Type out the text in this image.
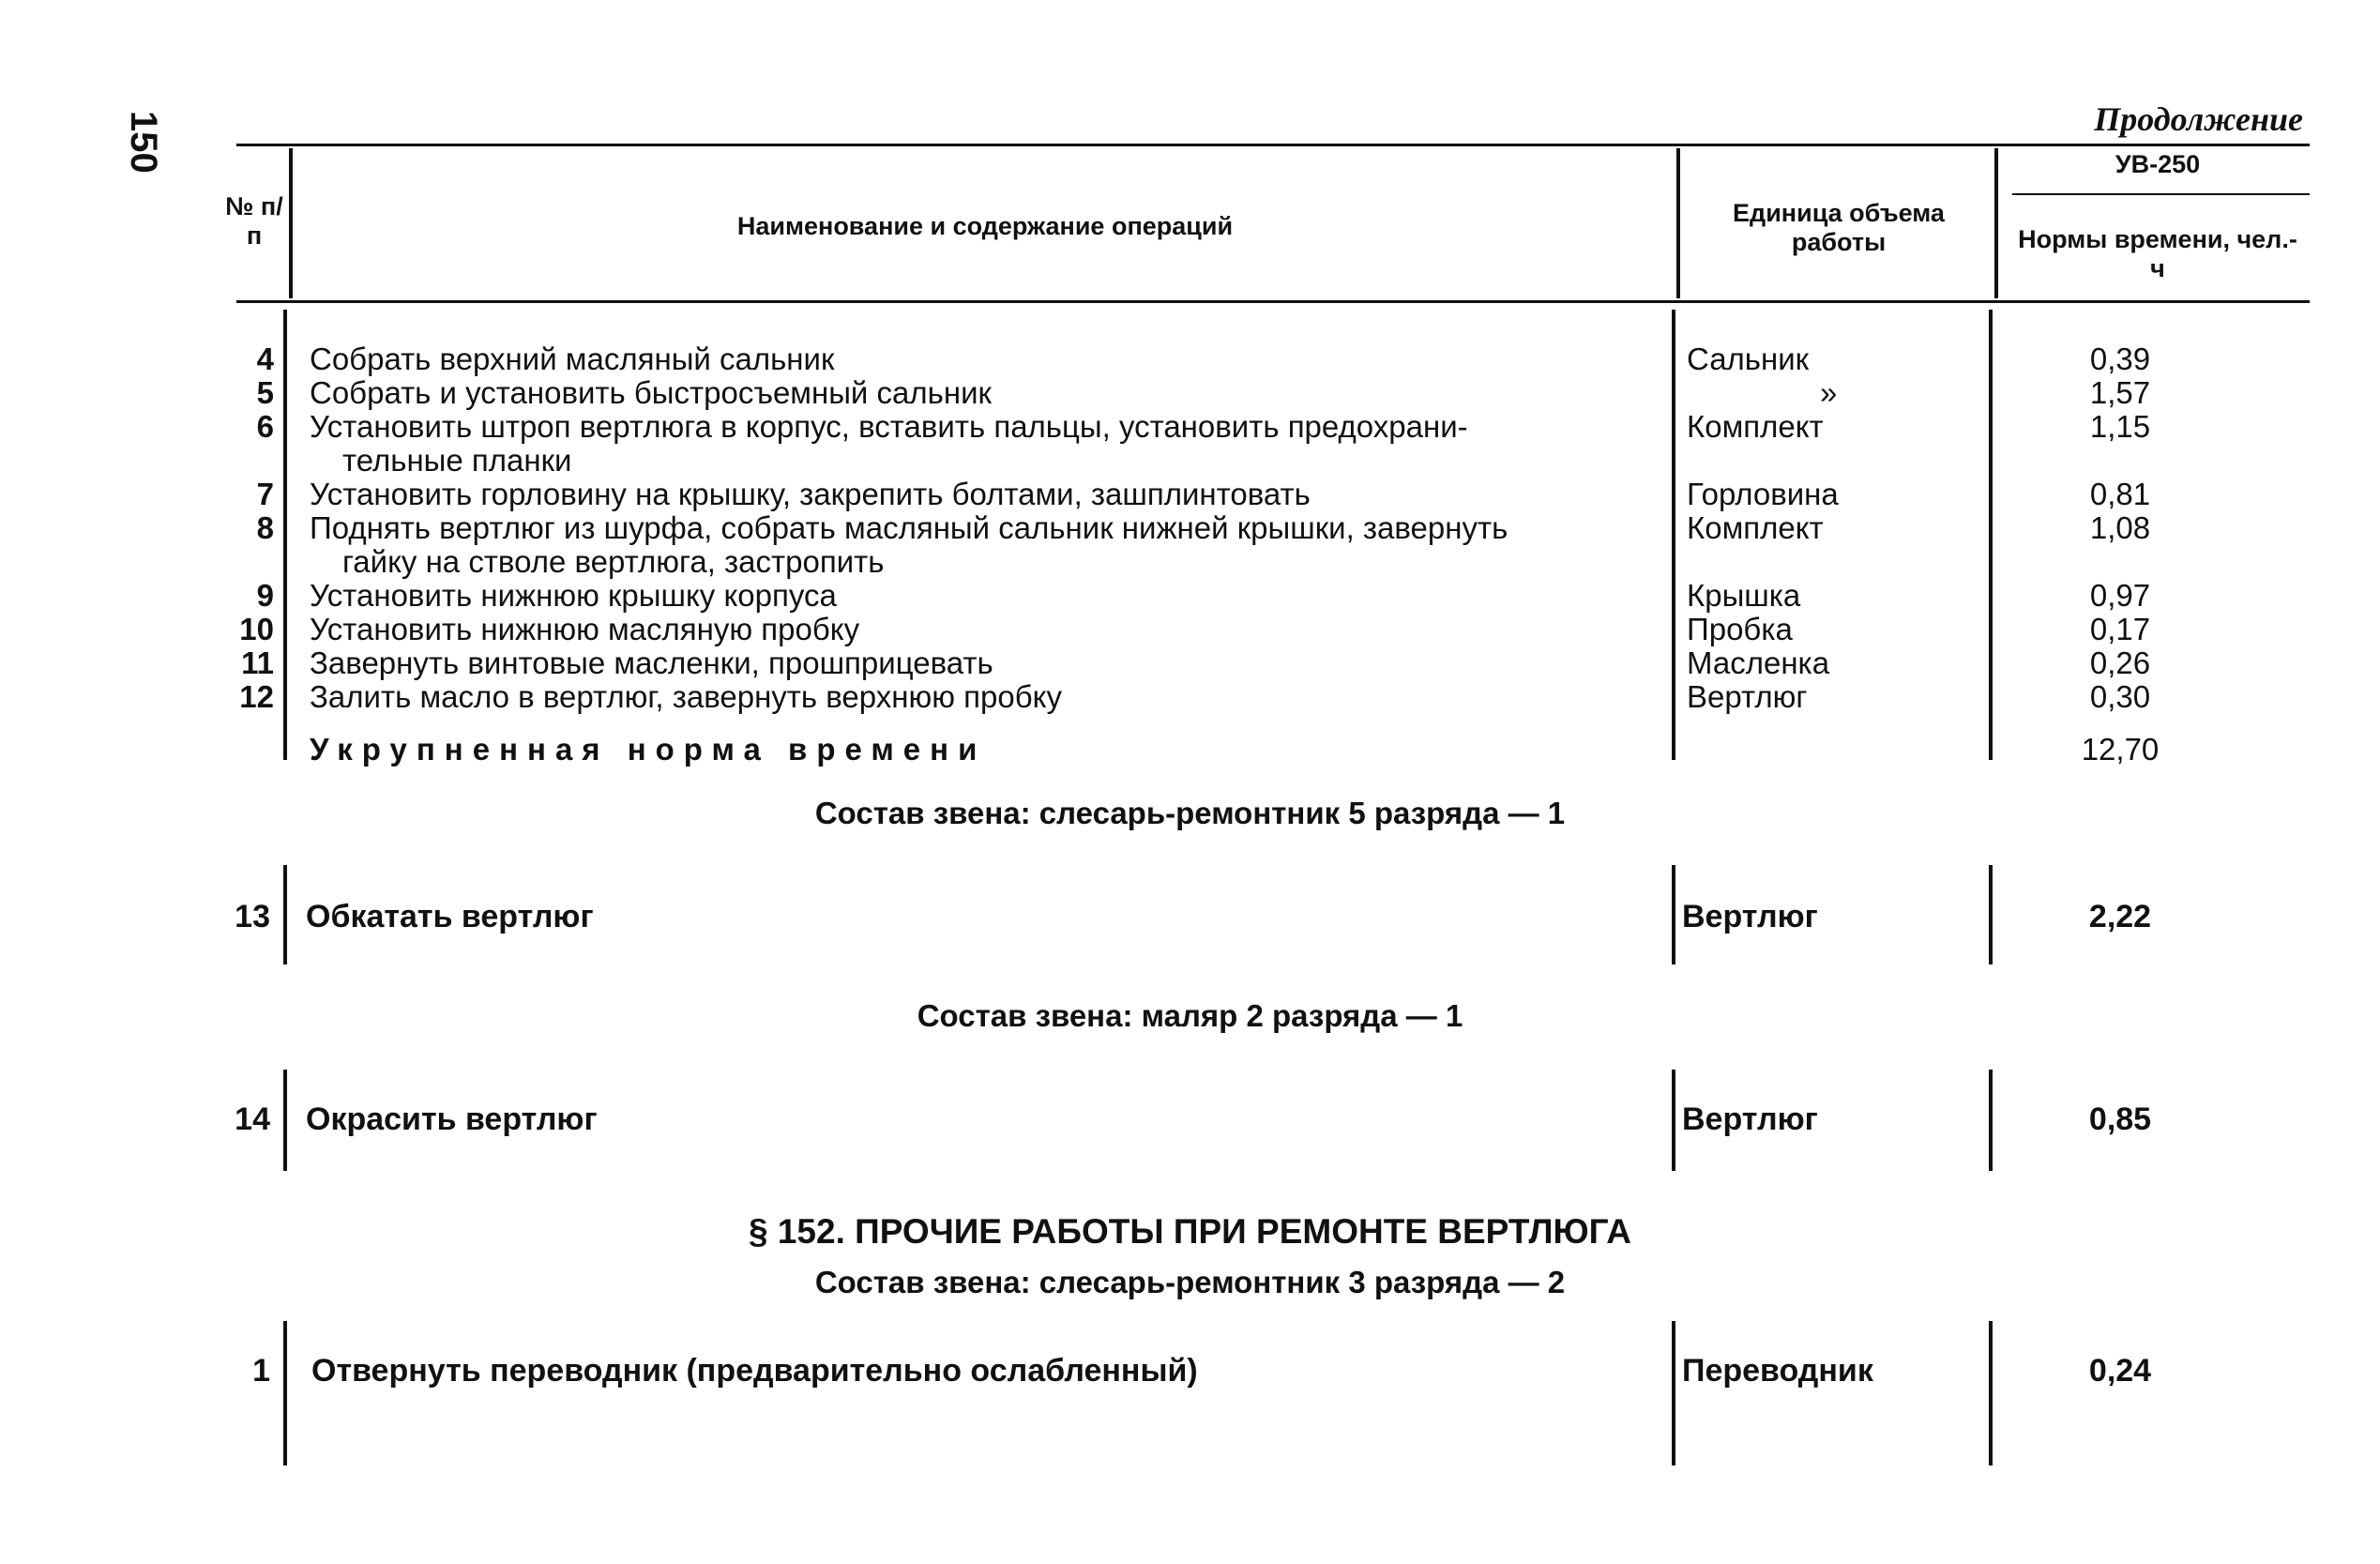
150	Продолжение
№ п/п	Наименование и содержание операций	Единица объема работы
УВ-250
Нормы времени, чел.-ч
4 Собрать верхний масляный сальник	Сальник	0,39
5 Собрать и установить быстросъемный сальник	»	1,57
6 Установить штроп вертлюга в корпус, вставить пальцы, установить предохрани-	Комплект	1,15
тельные планки
7 Установить горловину на крышку, закрепить болтами, зашплинтовать	Горловина	0,81
8 Поднять вертлюг из шурфа, собрать масляный сальник нижней крышки, завернуть	Комплект	1,08
гайку на стволе вертлюга, застропить
9 Установить нижнюю крышку корпуса	Крышка	0,97
10 Установить нижнюю масляную пробку	Пробка	0,17
11 Завернуть винтовые масленки, прошприцевать	Масленка	0,26
12 Залить масло в вертлюг, завернуть верхнюю пробку	Вертлюг	0,30
Укрупненная норма времени	12,70
Состав звена: слесарь-ремонтник 5 разряда — 1
13 Обкатать вертлюг	Вертлюг	2,22
Состав звена: маляр 2 разряда — 1
14 Окрасить вертлюг	Вертлюг	0,85
§ 152. ПРОЧИЕ РАБОТЫ ПРИ РЕМОНТЕ ВЕРТЛЮГА
Состав звена: слесарь-ремонтник 3 разряда — 2
1 Отвернуть переводник (предварительно ослабленный)	Переводник	0,24
